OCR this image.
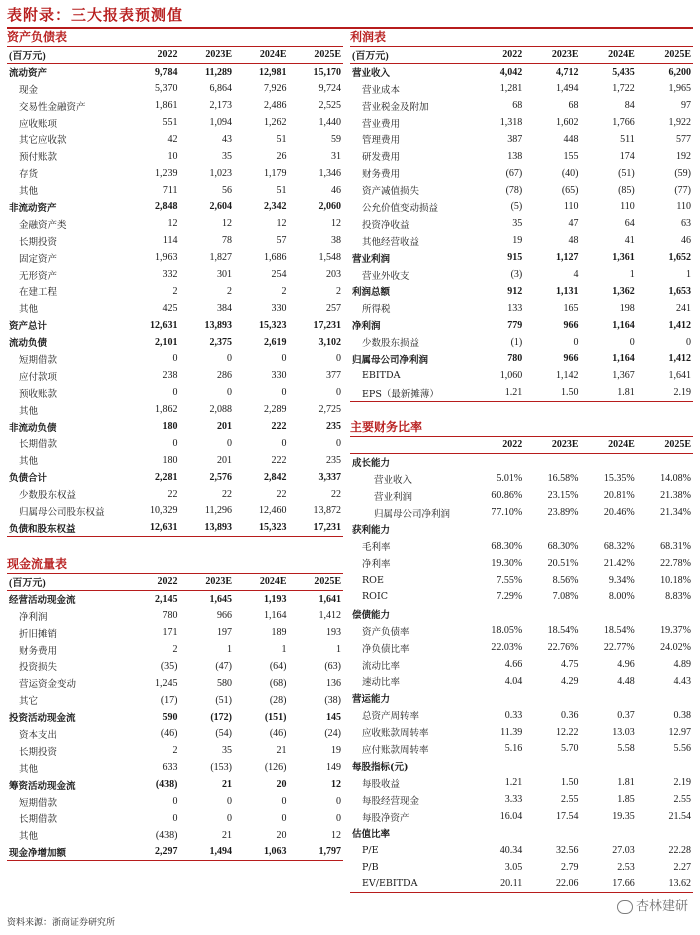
表附录：三大报表预测值
资产负债表
(百万元)	2022	2023E	2024E	2025E
流动资产	9,784	11,289	12,981	15,170
现金	5,370	6,864	7,926	9,724
交易性金融资产	1,861	2,173	2,486	2,525
应收账项	551	1,094	1,262	1,440
其它应收款	42	43	51	59
预付账款	10	35	26	31
存货	1,239	1,023	1,179	1,346
其他	711	56	51	46
非流动资产	2,848	2,604	2,342	2,060
金融资产类	12	12	12	12
长期投资	114	78	57	38
固定资产	1,963	1,827	1,686	1,548
无形资产	332	301	254	203
在建工程	2	2	2	2
其他	425	384	330	257
资产总计	12,631	13,893	15,323	17,231
流动负债	2,101	2,375	2,619	3,102
短期借款	0	0	0	0
应付款项	238	286	330	377
预收账款	0	0	0	0
其他	1,862	2,088	2,289	2,725
非流动负债	180	201	222	235
长期借款	0	0	0	0
其他	180	201	222	235
负债合计	2,281	2,576	2,842	3,337
少数股东权益	22	22	22	22
归属母公司股东权益	10,329	11,296	12,460	13,872
负债和股东权益	12,631	13,893	15,323	17,231
现金流量表
(百万元)	2022	2023E	2024E	2025E
经营活动现金流	2,145	1,645	1,193	1,641
净利润	780	966	1,164	1,412
折旧摊销	171	197	189	193
财务费用	2	1	1	1
投资损失	(35)	(47)	(64)	(63)
营运资金变动	1,245	580	(68)	136
其它	(17)	(51)	(28)	(38)
投资活动现金流	590	(172)	(151)	145
资本支出	(46)	(54)	(46)	(24)
长期投资	2	35	21	19
其他	633	(153)	(126)	149
筹资活动现金流	(438)	21	20	12
短期借款	0	0	0	0
长期借款	0	0	0	0
其他	(438)	21	20	12
现金净增加额	2,297	1,494	1,063	1,797
利润表
(百万元)	2022	2023E	2024E	2025E
营业收入	4,042	4,712	5,435	6,200
营业成本	1,281	1,494	1,722	1,965
营业税金及附加	68	68	84	97
营业费用	1,318	1,602	1,766	1,922
管理费用	387	448	511	577
研发费用	138	155	174	192
财务费用	(67)	(40)	(51)	(59)
资产减值损失	(78)	(65)	(85)	(77)
公允价值变动损益	(5)	110	110	110
投资净收益	35	47	64	63
其他经营收益	19	48	41	46
营业利润	915	1,127	1,361	1,652
营业外收支	(3)	4	1	1
利润总额	912	1,131	1,362	1,653
所得税	133	165	198	241
净利润	779	966	1,164	1,412
少数股东损益	(1)	0	0	0
归属母公司净利润	780	966	1,164	1,412
EBITDA	1,060	1,142	1,367	1,641
EPS（最新摊薄）	1.21	1.50	1.81	2.19
主要财务比率
	2022	2023E	2024E	2025E
成长能力				
营业收入	5.01%	16.58%	15.35%	14.08%
营业利润	60.86%	23.15%	20.81%	21.38%
归属母公司净利润	77.10%	23.89%	20.46%	21.34%
获利能力				
毛利率	68.30%	68.30%	68.32%	68.31%
净利率	19.30%	20.51%	21.42%	22.78%
ROE	7.55%	8.56%	9.34%	10.18%
ROIC	7.29%	7.08%	8.00%	8.83%
偿债能力				
资产负债率	18.05%	18.54%	18.54%	19.37%
净负债比率	22.03%	22.76%	22.77%	24.02%
流动比率	4.66	4.75	4.96	4.89
速动比率	4.04	4.29	4.48	4.43
营运能力				
总资产周转率	0.33	0.36	0.37	0.38
应收账款周转率	11.39	12.22	13.03	12.97
应付账款周转率	5.16	5.70	5.58	5.56
每股指标(元)				
每股收益	1.21	1.50	1.81	2.19
每股经营现金	3.33	2.55	1.85	2.55
每股净资产	16.04	17.54	19.35	21.54
估值比率				
P/E	40.34	32.56	27.03	22.28
P/B	3.05	2.79	2.53	2.27
EV/EBITDA	20.11	22.06	17.66	13.62
资料来源：浙商证券研究所
杏林建研
